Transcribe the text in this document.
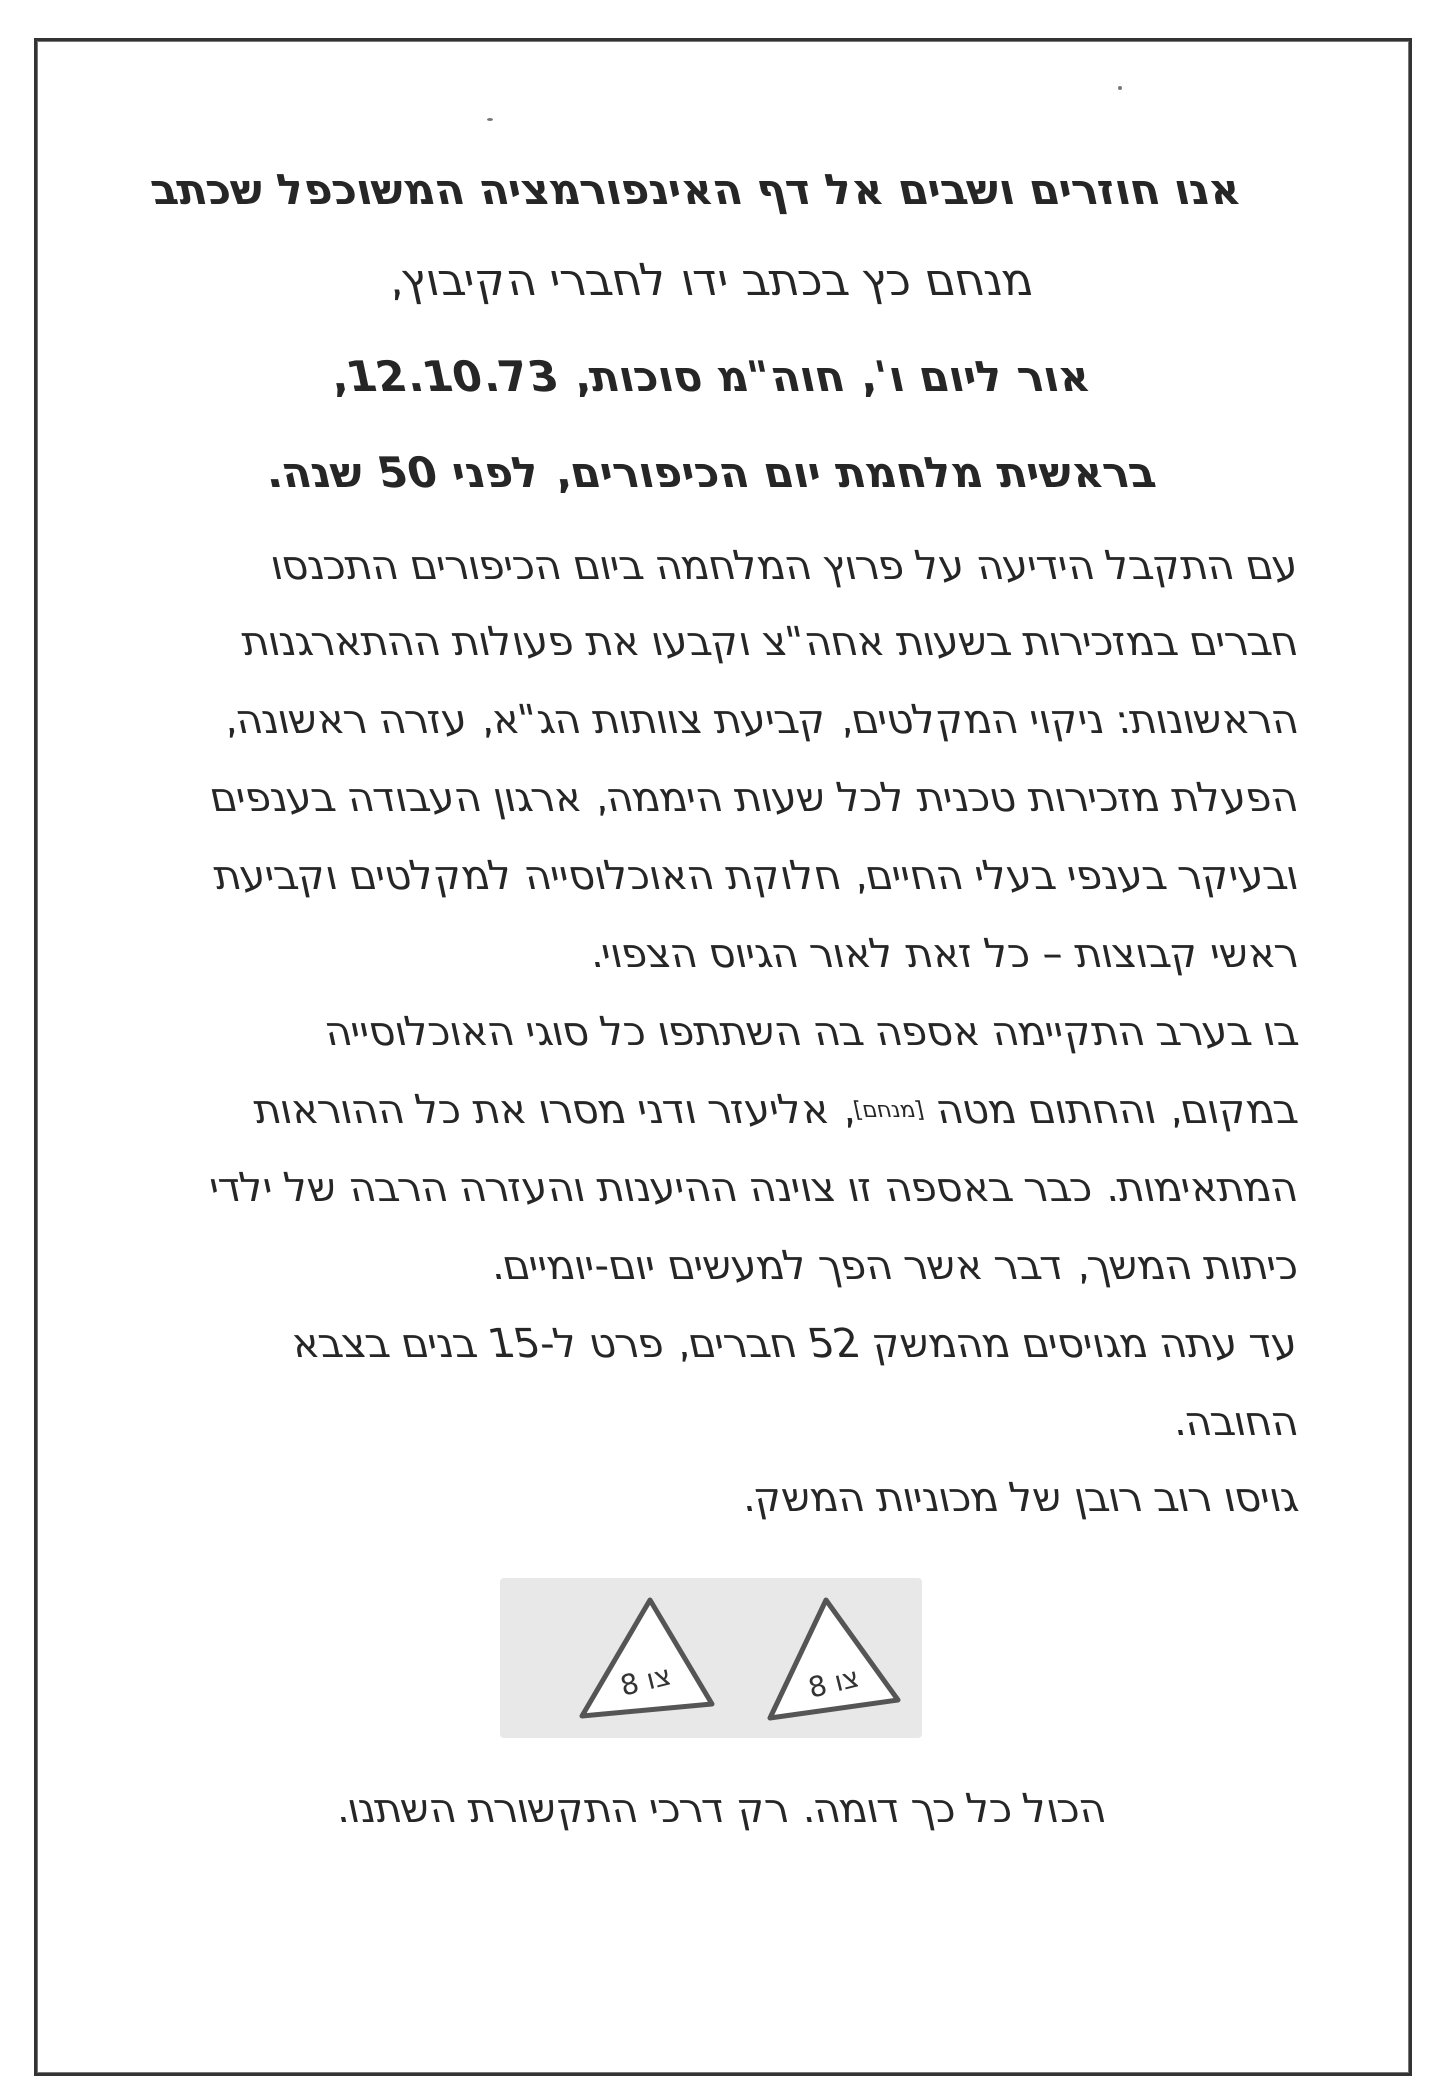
אנו חוזרים ושבים אל דף האינפורמציה המשוכפל שכתב
מנחם כץ בכתב ידו לחברי הקיבוץ,
אור ליום ו', חוה"מ סוכות, 12.10.73,
בראשית מלחמת יום הכיפורים, לפני 50 שנה.
עם התקבל הידיעה על פרוץ המלחמה ביום הכיפורים התכנסו
חברים במזכירות בשעות אחה"צ וקבעו את פעולות ההתארגנות
הראשונות: ניקוי המקלטים, קביעת צוותות הג"א, עזרה ראשונה,
הפעלת מזכירות טכנית לכל שעות היממה, ארגון העבודה בענפים
ובעיקר בענפי בעלי החיים, חלוקת האוכלוסייה למקלטים וקביעת
ראשי קבוצות – כל זאת לאור הגיוס הצפוי.
בו בערב התקיימה אספה בה השתתפו כל סוגי האוכלוסייה
במקום, והחתום מטה [מנחם], אליעזר ודני מסרו את כל ההוראות
המתאימות. כבר באספה זו צוינה ההיענות והעזרה הרבה של ילדי
כיתות המשך, דבר אשר הפך למעשים יום-יומיים.
עד עתה מגויסים מהמשק 52 חברים, פרט ל-15 בנים בצבא
החובה.
גויסו רוב רובן של מכוניות המשק.
צו 8	צו 8
הכול כל כך דומה. רק דרכי התקשורת השתנו.
